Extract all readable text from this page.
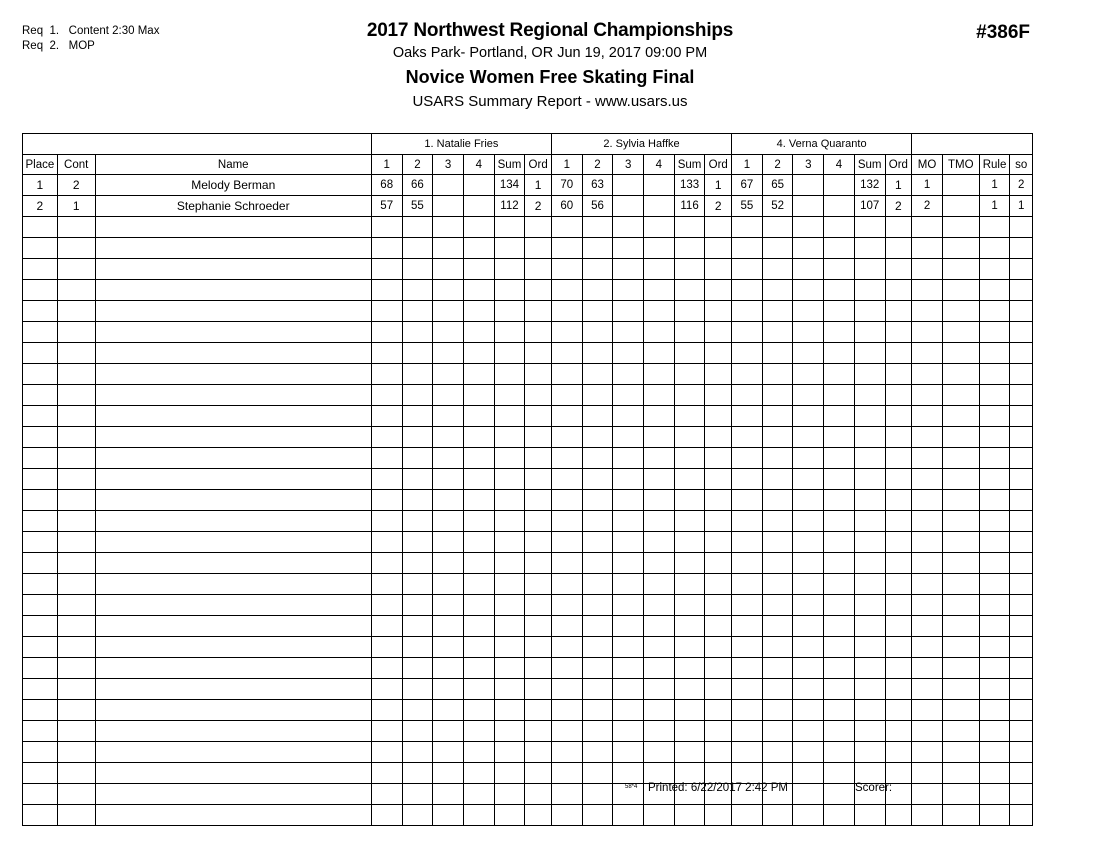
Req  1.   Content 2:30 Max
Req  2.   MOP
2017 Northwest Regional Championships
Oaks Park- Portland, OR Jun 19, 2017 09:00 PM
Novice Women Free Skating Final
USARS Summary Report - www.usars.us
#386F
			1. Natalie Fries						2. Sylvia Haffke						4. Verna Quaranto									
Place	Cont	Name	1	2	3	4	Sum	Ord	1	2	3	4	Sum	Ord	1	2	3	4	Sum	Ord	MO	TMO	Rule	so
1	2	Melody Berman	68	66			134	1	70	63			133	1	67	65			132	1	1		1	2
2	1	Stephanie Schroeder	57	55			112	2	60	56			116	2	55	52			107	2	2		1	1

58*4 Printed: 6/22/2017 2:42 PM	Scorer:
